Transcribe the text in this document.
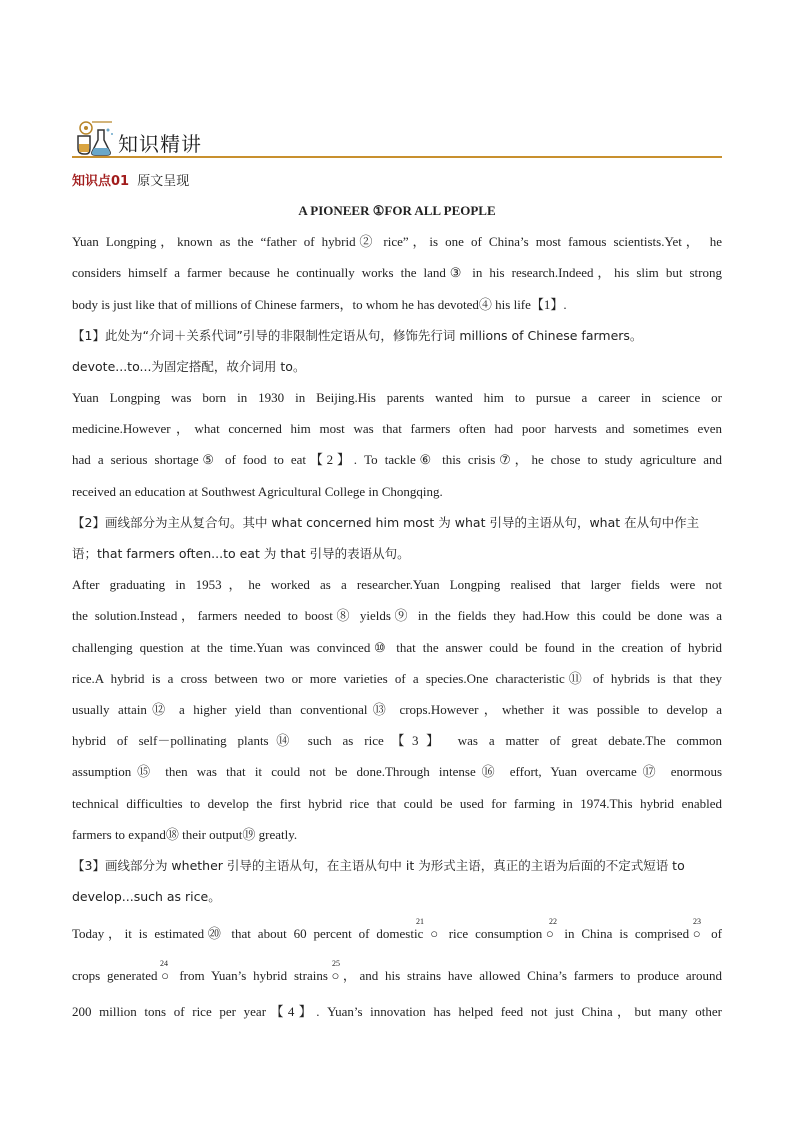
知识精讲
知识点01 原文呈现
A PIONEER ①FOR ALL PEOPLE
Yuan Longping，known as the “father of hybrid② rice”，is one of China’s most famous scientists.Yet， he
considers himself a farmer because he continually works the land③ in his research.Indeed，his slim but strong
body is just like that of millions of Chinese farmers，to whom he has devoted④ his life【1】.
【1】此处为“介词＋关系代词”引导的非限制性定语从句，修饰先行词 millions of Chinese farmers。
devote...to...为固定搭配，故介词用 to。
Yuan Longping was born in 1930 in Beijing.His parents wanted him to pursue a career in science or
medicine.However，what concerned him most was that farmers often had poor harvests and sometimes even
had a serious shortage⑤ of food to eat【2】. To tackle⑥ this crisis⑦，he chose to study agriculture and
received an education at Southwest Agricultural College in Chongqing.
【2】画线部分为主从复合句。其中 what concerned him most 为 what 引导的主语从句，what 在从句中作主
语；that farmers often...to eat 为 that 引导的表语从句。
After graduating in 1953，he worked as a researcher.Yuan Longping realised that larger fields were not
the solution.Instead，farmers needed to boost⑧ yields⑨ in the fields they had.How this could be done was a
challenging question at the time.Yuan was convinced⑩ that the answer could be found in the creation of hybrid
rice.A hybrid is a cross between two or more varieties of a species.One characteristic⑪ of hybrids is that they
usually attain⑫ a higher yield than conventional⑬ crops.However，whether it was possible to develop a
hybrid of self－pollinating plants⑭ such as rice【3】 was a matter of great debate.The common
assumption⑮ then was that it could not be done.Through intense⑯ effort, Yuan overcame⑰ enormous
technical difficulties to develop the first hybrid rice that could be used for farming in 1974.This hybrid enabled
farmers to expand⑱ their output⑲ greatly.
【3】画线部分为 whether 引导的主语从句，在主语从句中 it 为形式主语，真正的主语为后面的不定式短语 to
develop...such as rice。
21	22	23
Today，it is estimated⑳ that about 60 percent of domestic ○ rice consumption○ in China is comprised○ of
24	25
crops generated○ from Yuan’s hybrid strains○，and his strains have allowed China’s farmers to produce around
200 million tons of rice per year【4】. Yuan’s innovation has helped feed not just China，but many other
